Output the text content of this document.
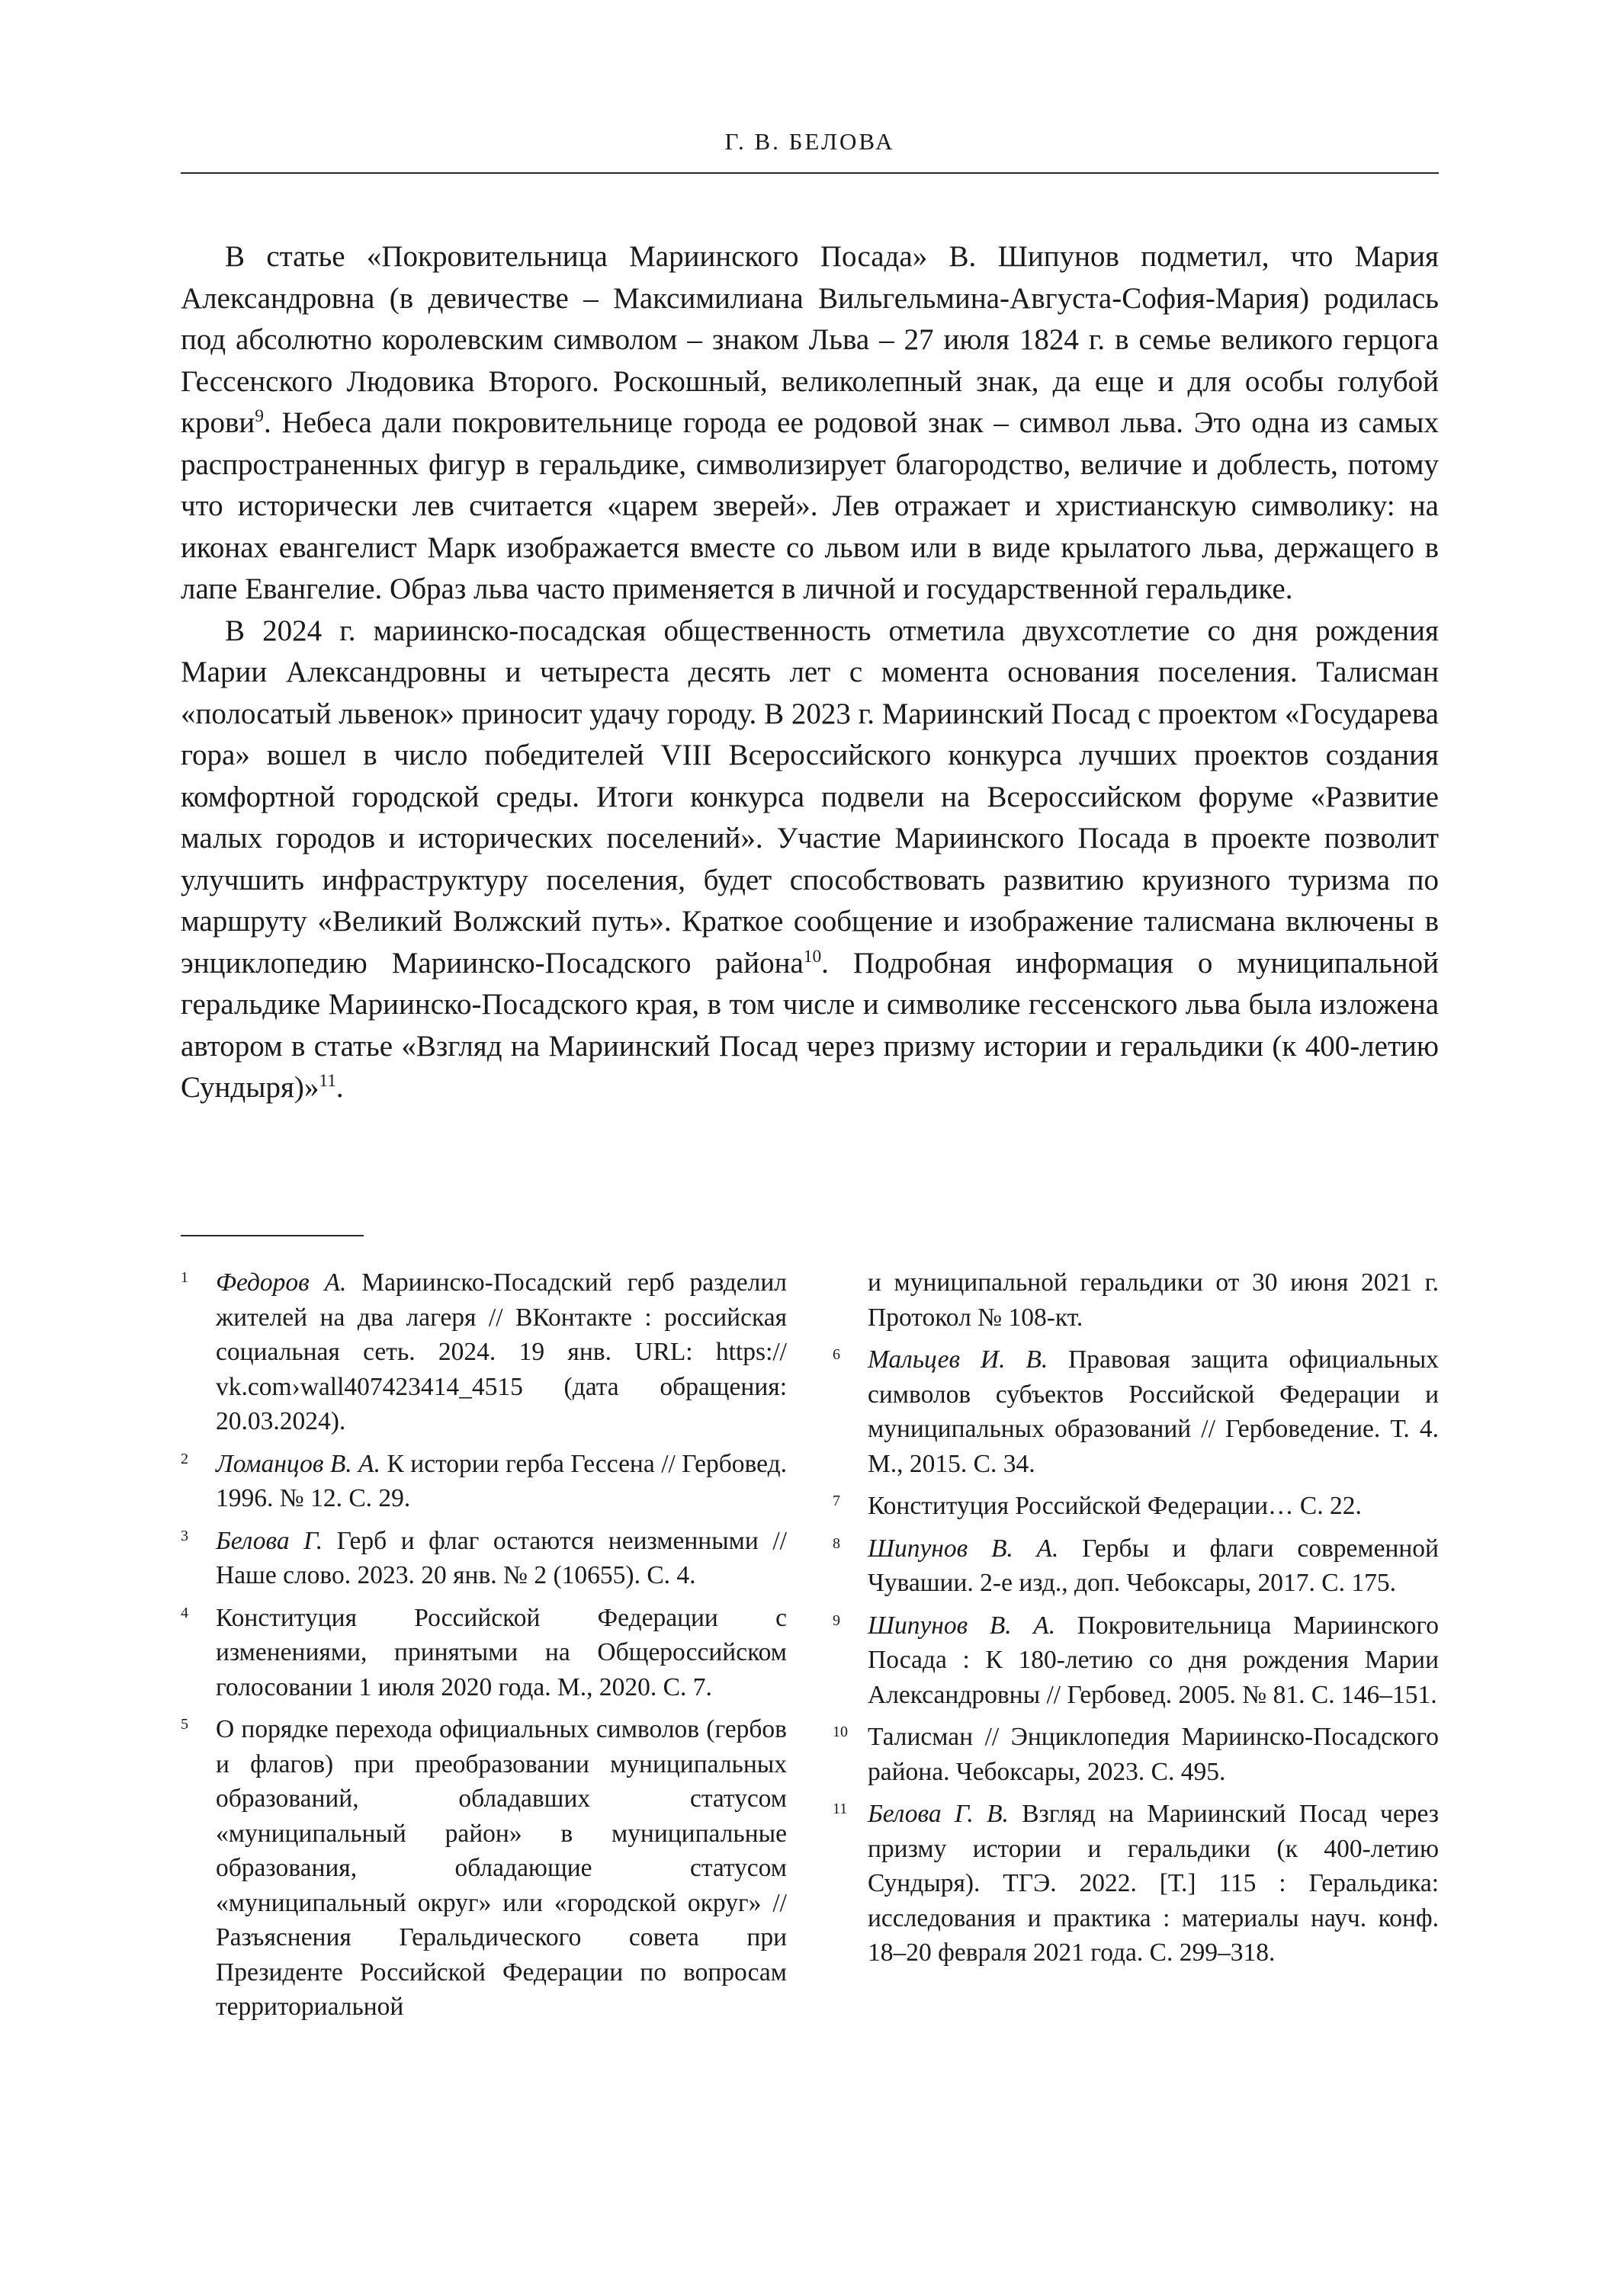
Г. В. БЕЛОВА

В статье «Покровительница Мариинского Посада» В. Шипунов подметил, что Мария Александровна (в девичестве – Максимилиана Вильгельмина-Августа-София-Мария) родилась под абсолютно королевским символом – знаком Льва – 27 июля 1824 г. в семье великого герцога Гессенского Людовика Второго. Роскошный, великолепный знак, да еще и для особы голубой крови$^9$. Небеса дали покровительнице города ее родовой знак – символ льва. Это одна из самых распространенных фигур в геральдике, символизирует благородство, величие и доблесть, потому что исторически лев считается «царем зверей». Лев отражает и христианскую символику: на иконах евангелист Марк изображается вместе со львом или в виде крылатого льва, держащего в лапе Евангелие. Образ льва часто применяется в личной и государственной геральдике.

В 2024 г. мариинско-посадская общественность отметила двухсотлетие со дня рождения Марии Александровны и четыреста десять лет с момента основания поселения. Талисман «полосатый львенок» приносит удачу городу. В 2023 г. Мариинский Посад с проектом «Государева гора» вошел в число победителей VIII Всероссийского конкурса лучших проектов создания комфортной городской среды. Итоги конкурса подвели на Всероссийском форуме «Развитие малых городов и исторических поселений». Участие Мариинского Посада в проекте позволит улучшить инфраструктуру поселения, будет способствовать развитию круизного туризма по маршруту «Великий Волжский путь». Краткое сообщение и изображение талисмана включены в энциклопедию Мариинско-Посадского района$^{10}$. Подробная информация о муниципальной геральдике Мариинско-Посадского края, в том числе и символике гессенского льва была изложена автором в статье «Взгляд на Мариинский Посад через призму истории и геральдики (к 400-летию Сундыря)»$^{11}$.

1 Федоров А. Мариинско-Посадский герб разделил жителей на два лагеря // ВКонтакте : российская социальная сеть. 2024. 19 янв. URL: https:// vk.com›wall407423414_4515 (дата обращения: 20.03.2024).
2 Ломанцов В. А. К истории герба Гессена // Гербовед. 1996. № 12. С. 29.
3 Белова Г. Герб и флаг остаются неизменными // Наше слово. 2023. 20 янв. № 2 (10655). С. 4.
4 Конституция Российской Федерации с изменениями, принятыми на Общероссийском голосовании 1 июля 2020 года. М., 2020. С. 7.
5 О порядке перехода официальных символов (гербов и флагов) при преобразовании муниципальных образований, обладавших статусом «муниципальный район» в муниципальные образования, обладающие статусом «муниципальный округ» или «городской округ» // Разъяснения Геральдического совета при Президенте Российской Федерации по вопросам территориальной
и муниципальной геральдики от 30 июня 2021 г. Протокол № 108-кт.
6 Мальцев И. В. Правовая защита официальных символов субъектов Российской Федерации и муниципальных образований // Гербоведение. Т. 4. М., 2015. С. 34.
7 Конституция Российской Федерации… С. 22.
8 Шипунов В. А. Гербы и флаги современной Чувашии. 2-е изд., доп. Чебоксары, 2017. С. 175.
9 Шипунов В. А. Покровительница Мариинского Посада : К 180-летию со дня рождения Марии Александровны // Гербовед. 2005. № 81. С. 146–151.
10 Талисман // Энциклопедия Мариинско-Посадского района. Чебоксары, 2023. С. 495.
11 Белова Г. В. Взгляд на Мариинский Посад через призму истории и геральдики (к 400-летию Сундыря). ТГЭ. 2022. [Т.] 115 : Геральдика: исследования и практика : материалы науч. конф. 18–20 февраля 2021 года. С. 299–318.
